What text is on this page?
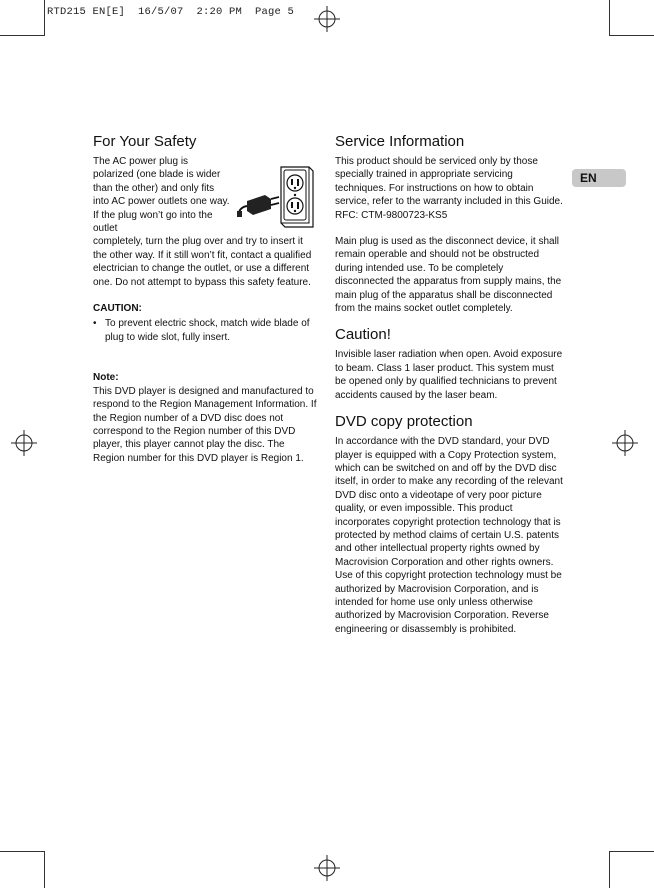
RTD215 EN[E]  16/5/07  2:20 PM  Page 5
EN
For Your Safety

The AC power plug is polarized (one blade is wider than the other) and only fits into AC power outlets one way. If the plug won’t go into the outlet

completely, turn the plug over and try to insert it the other way. If it still won’t fit, contact a qualified electrician to change the outlet, or use a different one. Do not attempt to bypass this safety feature.

CAUTION:
• To prevent electric shock, match wide blade of plug to wide slot, fully insert.
Note:

This DVD player is designed and manufactured to respond to the Region Management Information. If the Region number of a DVD disc does not correspond to the Region number of this DVD player, this player cannot play the disc. The Region number for this DVD player is Region 1.

Service Information

This product should be serviced only by those specially trained in appropriate servicing techniques. For instructions on how to obtain service, refer to the warranty included in this Guide. RFC: CTM-9800723-KS5

Main plug is used as the disconnect device, it shall remain operable and should not be obstructed during intended use. To be completely disconnected the apparatus from supply mains, the main plug of the apparatus shall be disconnected from the mains socket outlet completely.

Caution!

Invisible laser radiation when open. Avoid exposure to beam. Class 1 laser product. This system must be opened only by qualified technicians to prevent accidents caused by the laser beam.

DVD copy protection

In accordance with the DVD standard, your DVD player is equipped with a Copy Protection system, which can be switched on and off by the DVD disc itself, in order to make any recording of the relevant DVD disc onto a videotape of very poor picture quality, or even impossible. This product incorporates copyright protection technology that is protected by method claims of certain U.S. patents and other intellectual property rights owned by Macrovision Corporation and other rights owners. Use of this copyright protection technology must be authorized by Macrovision Corporation, and is intended for home use only unless otherwise authorized by Macrovision Corporation. Reverse engineering or disassembly is prohibited.
